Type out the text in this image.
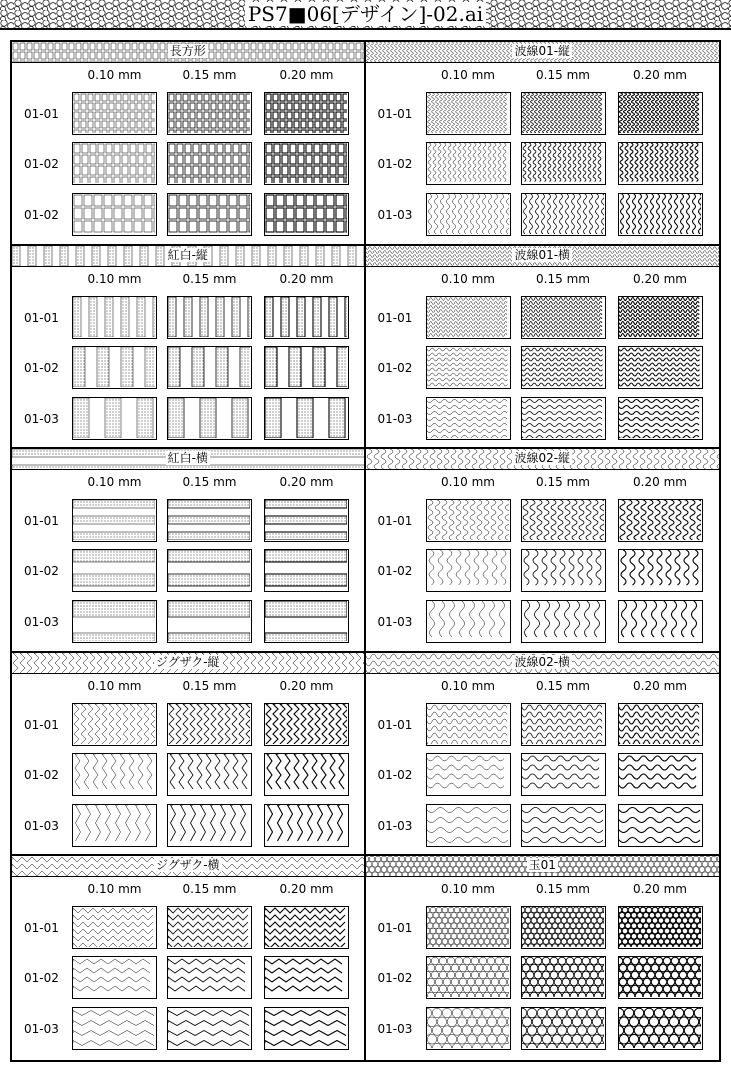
PS7■06[デザイン]-02.ai
長方形
0.10 mm	0.15 mm	0.20 mm
01-01
01-02
01-02
波線01-縦
0.10 mm	0.15 mm	0.20 mm
01-01
01-02
01-03
紅白-縦
0.10 mm	0.15 mm	0.20 mm
01-01
01-02
01-03
波線01-横
0.10 mm	0.15 mm	0.20 mm
01-01
01-02
01-03
紅白-横
0.10 mm	0.15 mm	0.20 mm
01-01
01-02
01-03
波線02-縦
0.10 mm	0.15 mm	0.20 mm
01-01
01-02
01-03
ジグザク-縦
0.10 mm	0.15 mm	0.20 mm
01-01
01-02
01-03
波線02-横
0.10 mm	0.15 mm	0.20 mm
01-01
01-02
01-03
ジグザク-横
0.10 mm	0.15 mm	0.20 mm
01-01
01-02
01-03
玉01
0.10 mm	0.15 mm	0.20 mm
01-01
01-02
01-03
